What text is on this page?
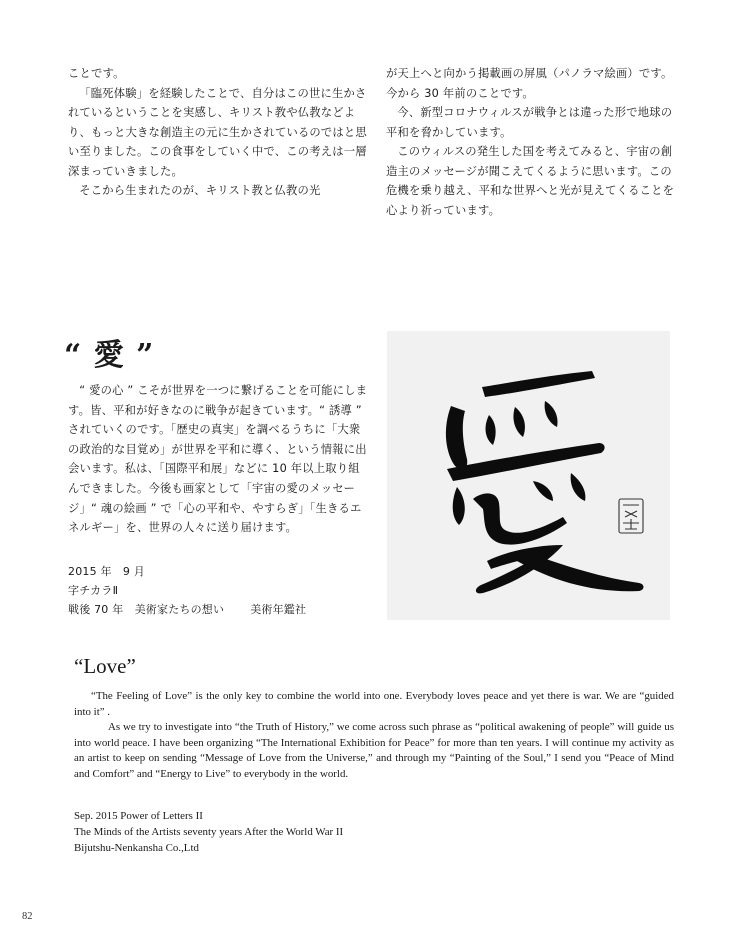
ことです。

「臨死体験」を経験したことで、自分はこの世に生かされているということを実感し、キリスト教や仏教などより、もっと大きな創造主の元に生かされているのではと思い至りました。この食事をしていく中で、この考えは一層深まっていきました。

そこから生まれたのが、キリスト教と仏教の光

が天上へと向かう掲載画の屏風（パノラマ絵画）です。今から 30 年前のことです。

今、新型コロナウィルスが戦争とは違った形で地球の平和を脅かしています。

このウィルスの発生した国を考えてみると、宇宙の創造主のメッセージが聞こえてくるように思います。この危機を乗り越え、平和な世界へと光が見えてくることを心より祈っています。

“ 愛 ”

“ 愛の心 ” こそが世界を一つに繋げることを可能にします。皆、平和が好きなのに戦争が起きています。“ 誘導 ” されていくのです。「歴史の真実」を調べるうちに「大衆の政治的な目覚め」が世界を平和に導く、という情報に出会います。私は、「国際平和展」などに 10 年以上取り組んできました。今後も画家として「宇宙の愛のメッセージ」“ 魂の絵画 ” で「心の平和や、やすらぎ」「生きるエネルギー」を、世界の人々に送り届けます。

2015 年　9 月
字チカラⅡ
戦後 70 年　美術家たちの想い 美術年鑑社
“Love”

“The Feeling of Love” is the only key to combine the world into one. Everybody loves peace and yet there is war. We are “guided into it” .

As we try to investigate into “the Truth of History,” we come across such phrase as “political awakening of people” will guide us into world peace. I have been organizing “The International Exhibition for Peace” for more than ten years. I will continue my activity as an artist to keep on sending “Message of Love from the Universe,” and through my “Painting of the Soul,” I send you “Peace of Mind and Comfort” and “Energy to Live” to everybody in the world.

Sep. 2015 Power of Letters II
The Minds of the Artists seventy years After the World War II
Bijutshu-Nenkansha Co.,Ltd
82
